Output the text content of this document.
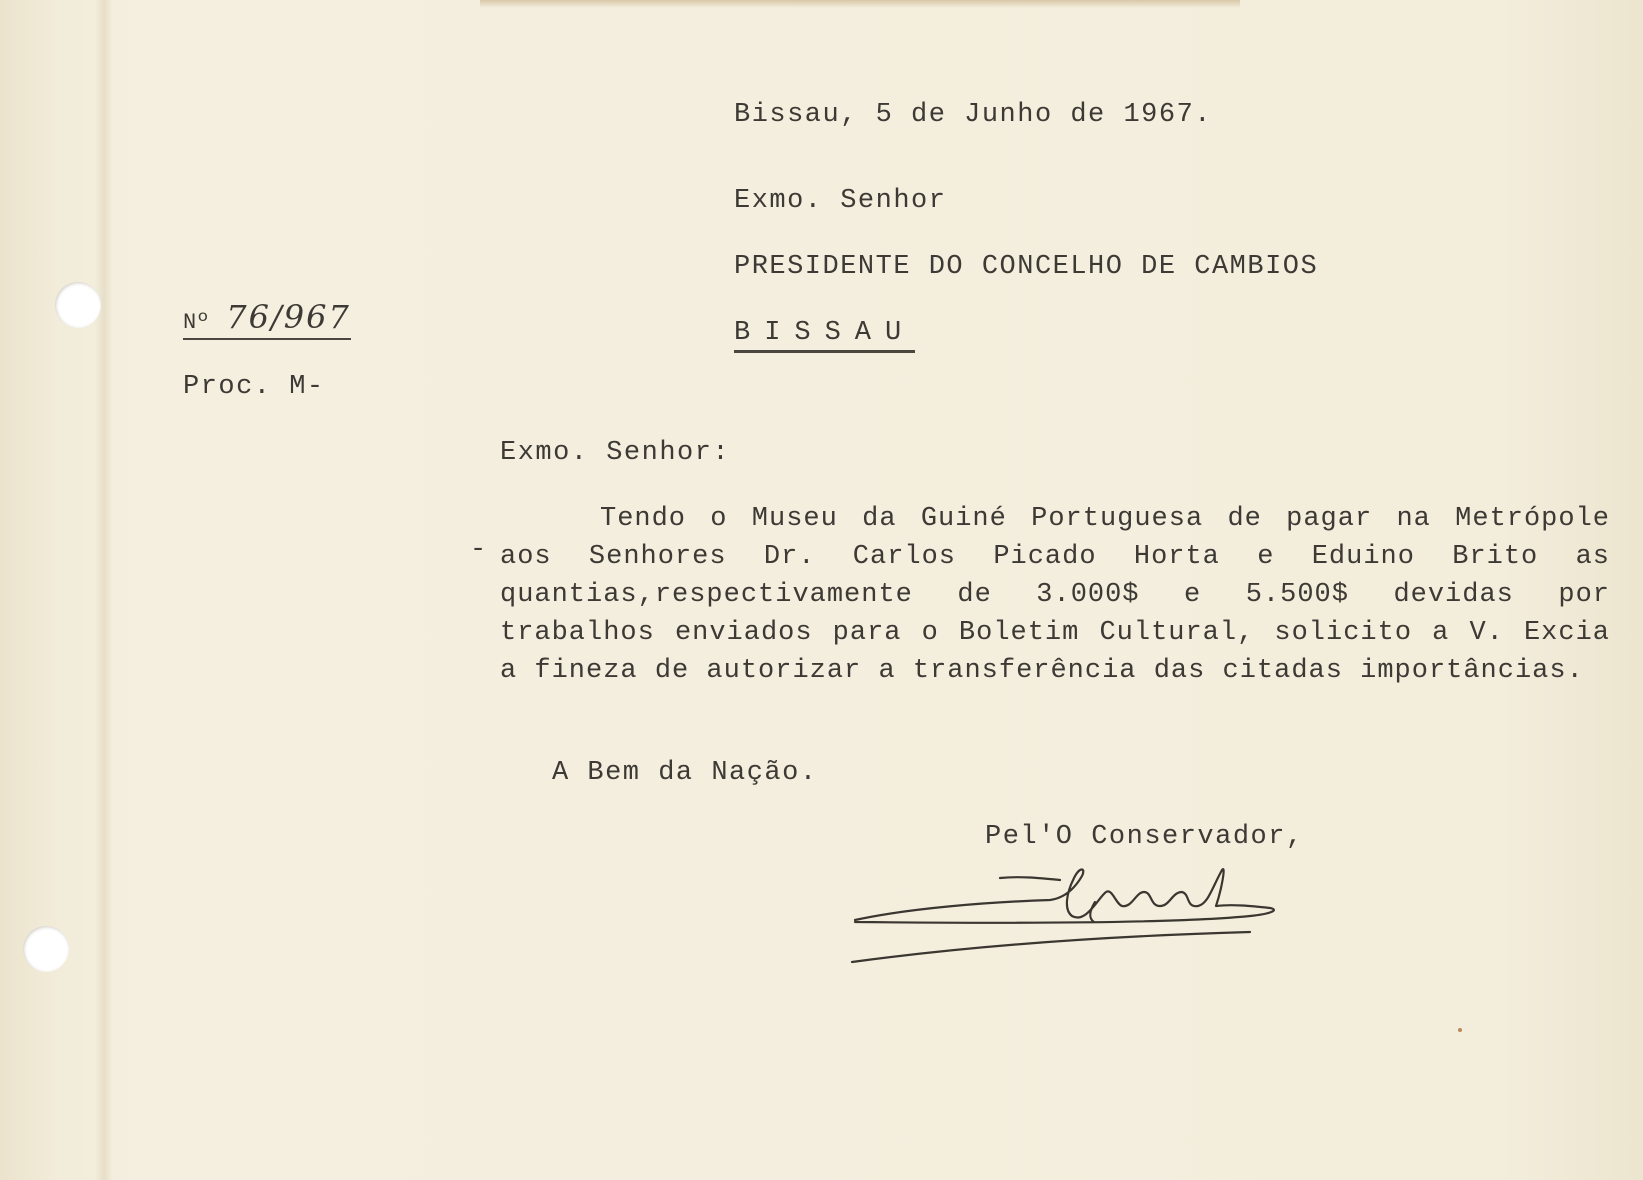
Bissau, 5 de Junho de 1967.
Exmo. Senhor
PRESIDENTE DO CONCELHO DE CAMBIOS
BISSAU
Nº 76/967
Proc. M-
Exmo. Senhor:
-
Tendo o Museu da Guiné Portuguesa de pagar na Metrópole aos Senhores Dr. Carlos Picado Horta e Eduino Brito as quantias,respectivamente de 3.000$ e 5.500$ devidas por trabalhos enviados para o Boletim Cultural, solicito a V. Excia a fineza de autorizar a transferência das citadas importâncias.
A Bem da Nação.
Pel'O Conservador,
